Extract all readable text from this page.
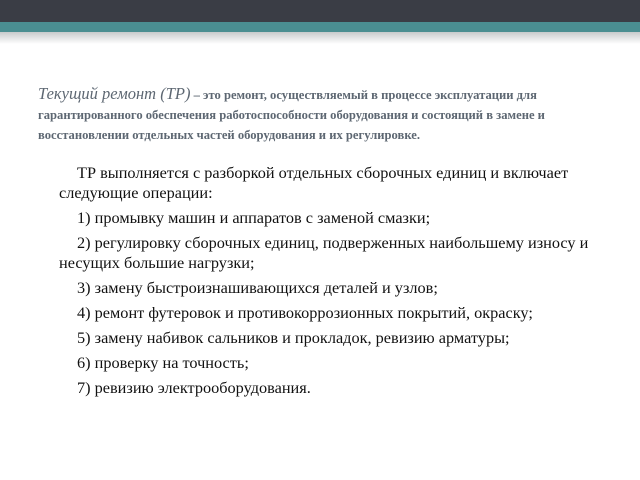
Текущий ремонт (ТР) – это ремонт, осуществляемый в процессе эксплуатации для гарантированного обеспечения работоспособности оборудования и состоящий в замене и восстановлении отдельных частей оборудования и их регулировке.

ТР выполняется с разборкой отдельных сборочных единиц и включает следующие операции:

1) промывку машин и аппаратов с заменой смазки;

2) регулировку сборочных единиц, подверженных наибольшему износу и несущих большие нагрузки;

3) замену быстроизнашивающихся деталей и узлов;

4) ремонт футеровок и противокоррозионных покрытий, окраску;

5) замену набивок сальников и прокладок, ревизию арматуры;

6) проверку на точность;

7) ревизию электрооборудования.
